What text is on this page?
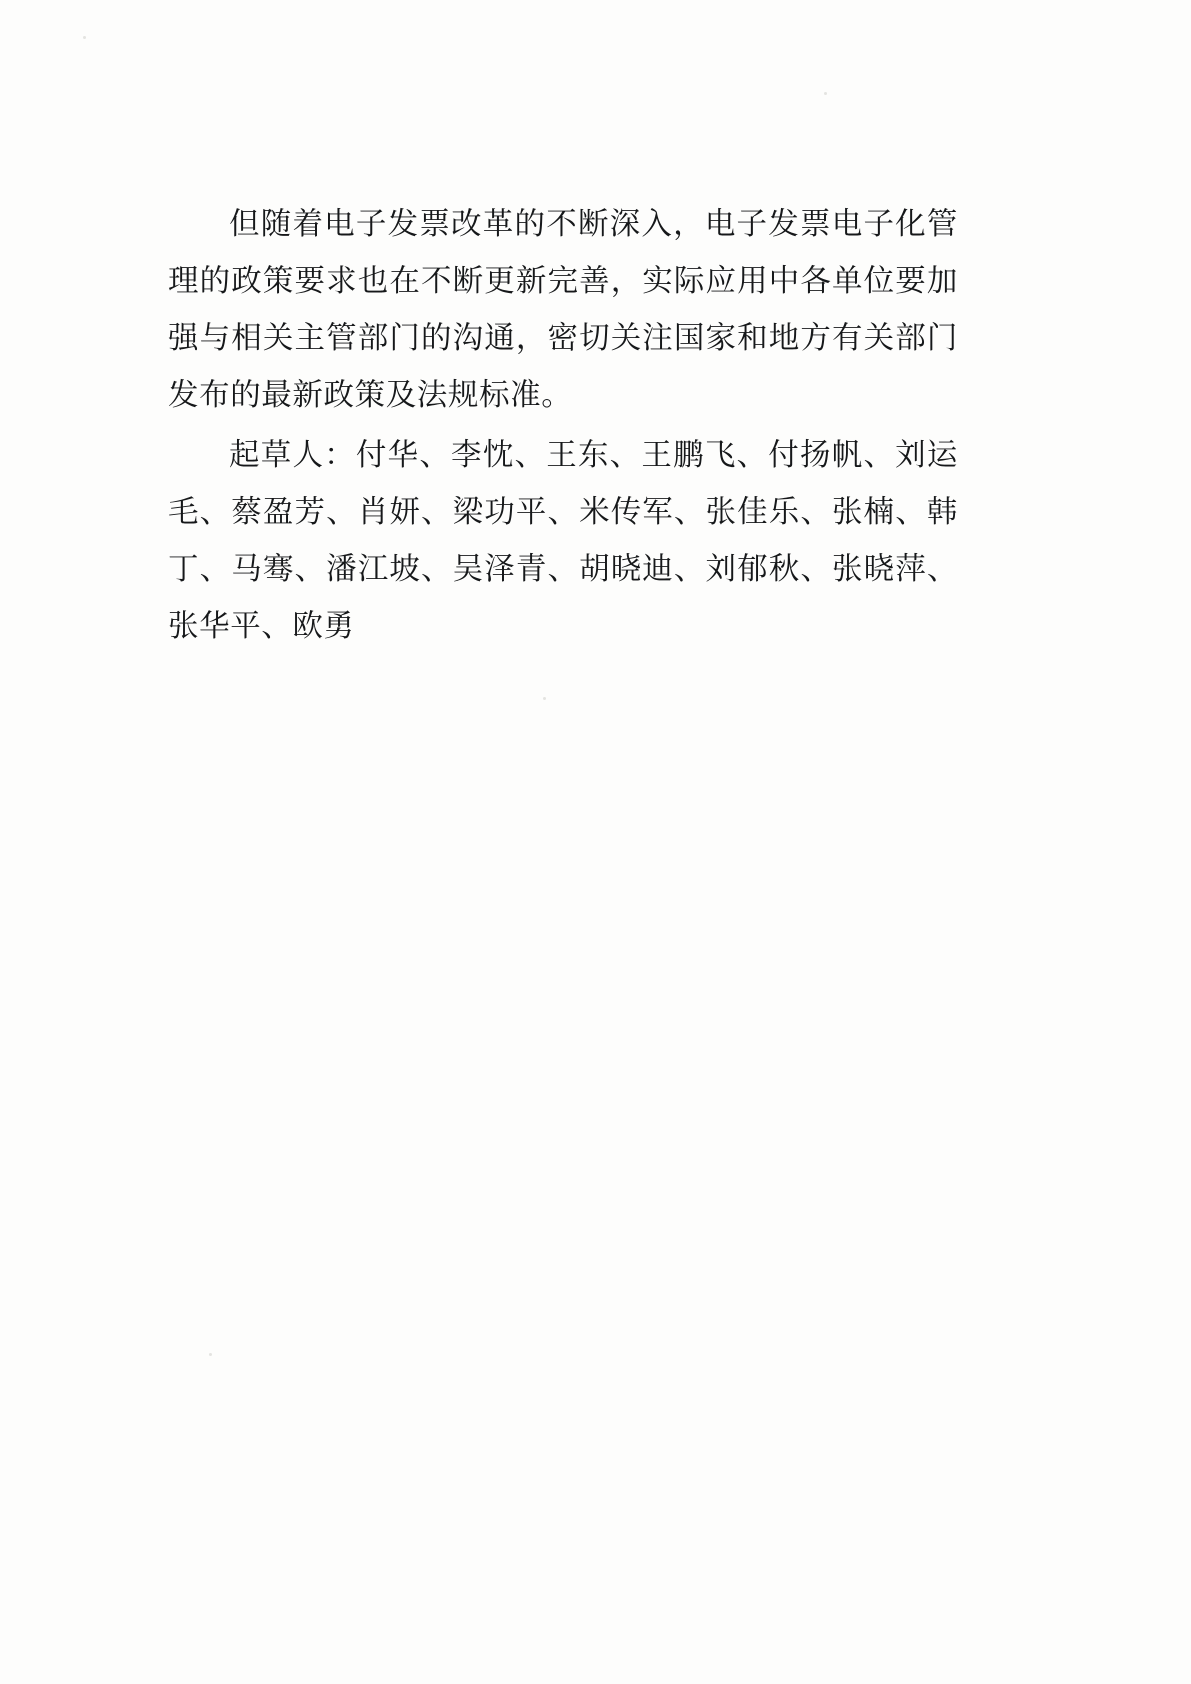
但随着电子发票改革的不断深入，电子发票电子化管理的政策要求也在不断更新完善，实际应用中各单位要加强与相关主管部门的沟通，密切关注国家和地方有关部门发布的最新政策及法规标准。

起草人：付华、李忱、王东、王鹏飞、付扬帆、刘运毛、蔡盈芳、肖妍、梁功平、米传军、张佳乐、张楠、韩丁、马骞、潘江坡、吴泽青、胡晓迪、刘郁秋、张晓萍、张华平、欧勇
